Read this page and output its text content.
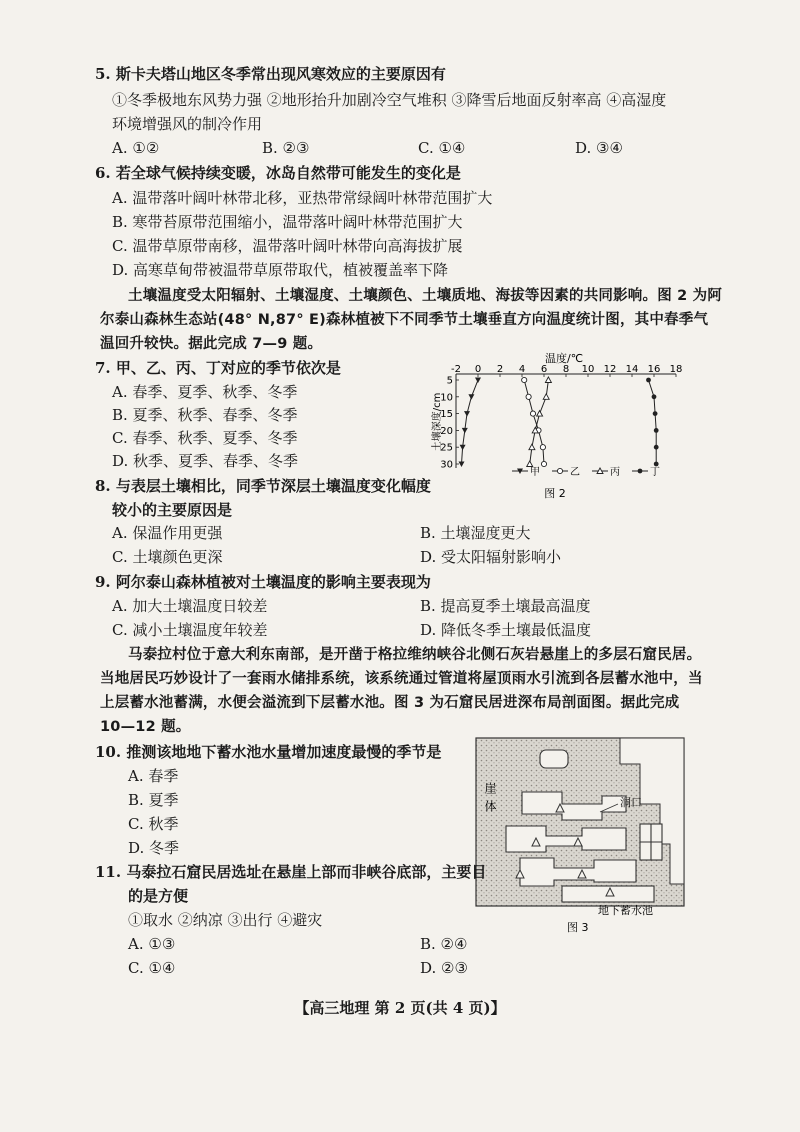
5. 斯卡夫塔山地区冬季常出现风寒效应的主要原因有
①冬季极地东风势力强 ②地形抬升加剧冷空气堆积 ③降雪后地面反射率高 ④高湿度
环境增强风的制冷作用
A. ①②	B. ②③	C. ①④	D. ③④
6. 若全球气候持续变暖，冰岛自然带可能发生的变化是
A. 温带落叶阔叶林带北移，亚热带常绿阔叶林带范围扩大
B. 寒带苔原带范围缩小，温带落叶阔叶林带范围扩大
C. 温带草原带南移，温带落叶阔叶林带向高海拔扩展
D. 高寒草甸带被温带草原带取代，植被覆盖率下降
土壤温度受太阳辐射、土壤湿度、土壤颜色、土壤质地、海拔等因素的共同影响。图 2 为阿
尔泰山森林生态站(48° N,87° E)森林植被下不同季节土壤垂直方向温度统计图，其中春季气
温回升较快。据此完成 7—9 题。
7. 甲、乙、丙、丁对应的季节依次是
A. 春季、夏季、秋季、冬季
B. 夏季、秋季、春季、冬季
C. 春季、秋季、夏季、冬季
D. 秋季、夏季、春季、冬季
温度/℃
土壤深度/cm
-2 0 2 4 6 8 10 12 14 16 18
5
10
15
20
25
30
甲	乙	丙	丁
图 2
8. 与表层土壤相比，同季节深层土壤温度变化幅度
较小的主要原因是
A. 保温作用更强	B. 土壤湿度更大
C. 土壤颜色更深	D. 受太阳辐射影响小
9. 阿尔泰山森林植被对土壤温度的影响主要表现为
A. 加大土壤温度日较差	B. 提高夏季土壤最高温度
C. 减小土壤温度年较差	D. 降低冬季土壤最低温度
马泰拉村位于意大利东南部，是开凿于格拉维纳峡谷北侧石灰岩悬崖上的多层石窟民居。
当地居民巧妙设计了一套雨水储排系统，该系统通过管道将屋顶雨水引流到各层蓄水池中，当
上层蓄水池蓄满，水便会溢流到下层蓄水池。图 3 为石窟民居进深布局剖面图。据此完成
10—12 题。
10. 推测该地地下蓄水池水量增加速度最慢的季节是
A. 春季
B. 夏季
C. 秋季
D. 冬季
崖体	洞口
地下蓄水池
图 3
11. 马泰拉石窟民居选址在悬崖上部而非峡谷底部，主要目
的是方便
①取水 ②纳凉 ③出行 ④避灾
A. ①③	B. ②④
C. ①④	D. ②③
【高三地理 第 2 页(共 4 页)】
